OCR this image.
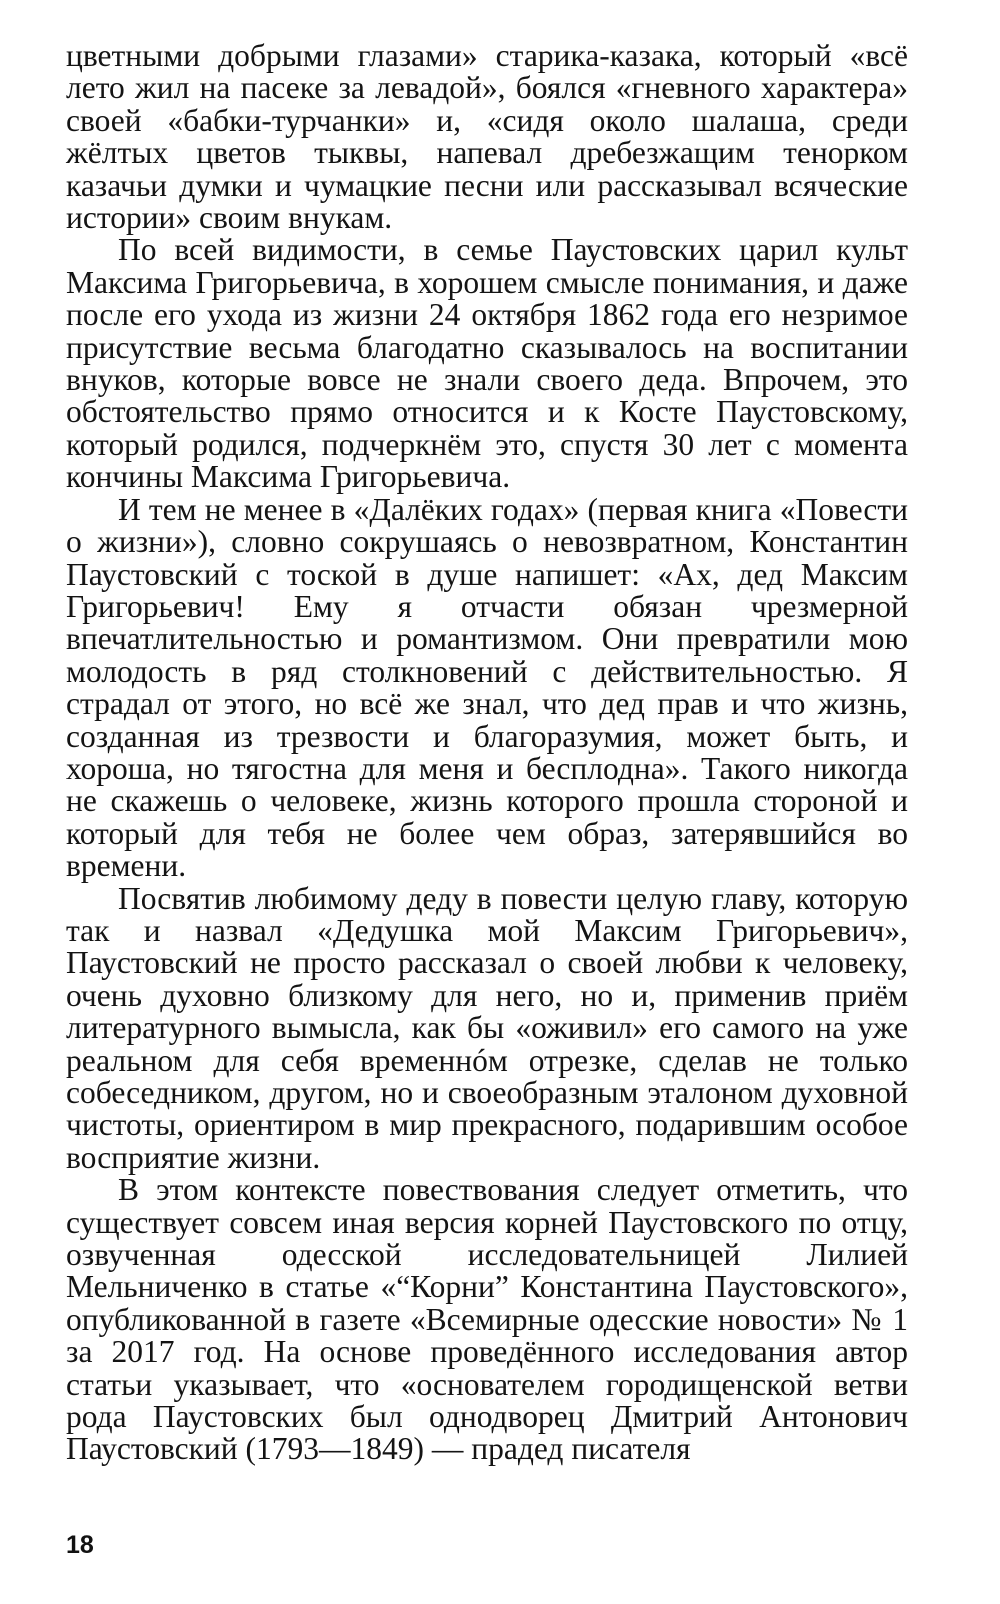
цветными добрыми глазами» старика-казака, который «всё лето жил на пасеке за левадой», боялся «гневного характера» своей «бабки-турчанки» и, «сидя около шалаша, среди жёлтых цветов тыквы, напевал дребезжащим тенорком казачьи думки и чумацкие песни или рассказывал всяческие истории» своим внукам.

По всей видимости, в семье Паустовских царил культ Максима Григорьевича, в хорошем смысле понимания, и даже после его ухода из жизни 24 октября 1862 года его незримое присутствие весьма благодатно сказывалось на воспитании внуков, которые вовсе не знали своего деда. Впрочем, это обстоятельство прямо относится и к Косте Паустовскому, который родился, подчеркнём это, спустя 30 лет с момента кончины Максима Григорьевича.

И тем не менее в «Далёких годах» (первая книга «Повести о жизни»), словно сокрушаясь о невозвратном, Константин Паустовский с тоской в душе напишет: «Ах, дед Максим Григорьевич! Ему я отчасти обязан чрезмерной впечатлительностью и романтизмом. Они превратили мою молодость в ряд столкновений с действительностью. Я страдал от этого, но всё же знал, что дед прав и что жизнь, созданная из трезвости и благоразумия, может быть, и хороша, но тягостна для меня и бесплодна». Такого никогда не скажешь о человеке, жизнь которого прошла стороной и который для тебя не более чем образ, затерявшийся во времени.

Посвятив любимому деду в повести целую главу, которую так и назвал «Дедушка мой Максим Григорьевич», Паустовский не просто рассказал о своей любви к человеку, очень духовно близкому для него, но и, применив приём литературного вымысла, как бы «оживил» его самого на уже реальном для себя временнóм отрезке, сделав не только собеседником, другом, но и своеобразным эталоном духовной чистоты, ориентиром в мир прекрасного, подарившим особое восприятие жизни.

В этом контексте повествования следует отметить, что существует совсем иная версия корней Паустовского по отцу, озвученная одесской исследовательницей Лилией Мельниченко в статье «“Корни” Константина Паустовского», опубликованной в газете «Всемирные одесские новости» № 1 за 2017 год. На основе проведённого исследования автор статьи указывает, что «основателем городищенской ветви рода Паустовских был однодворец Дмитрий Антонович Паустовский (1793—1849) — прадед писателя

18
